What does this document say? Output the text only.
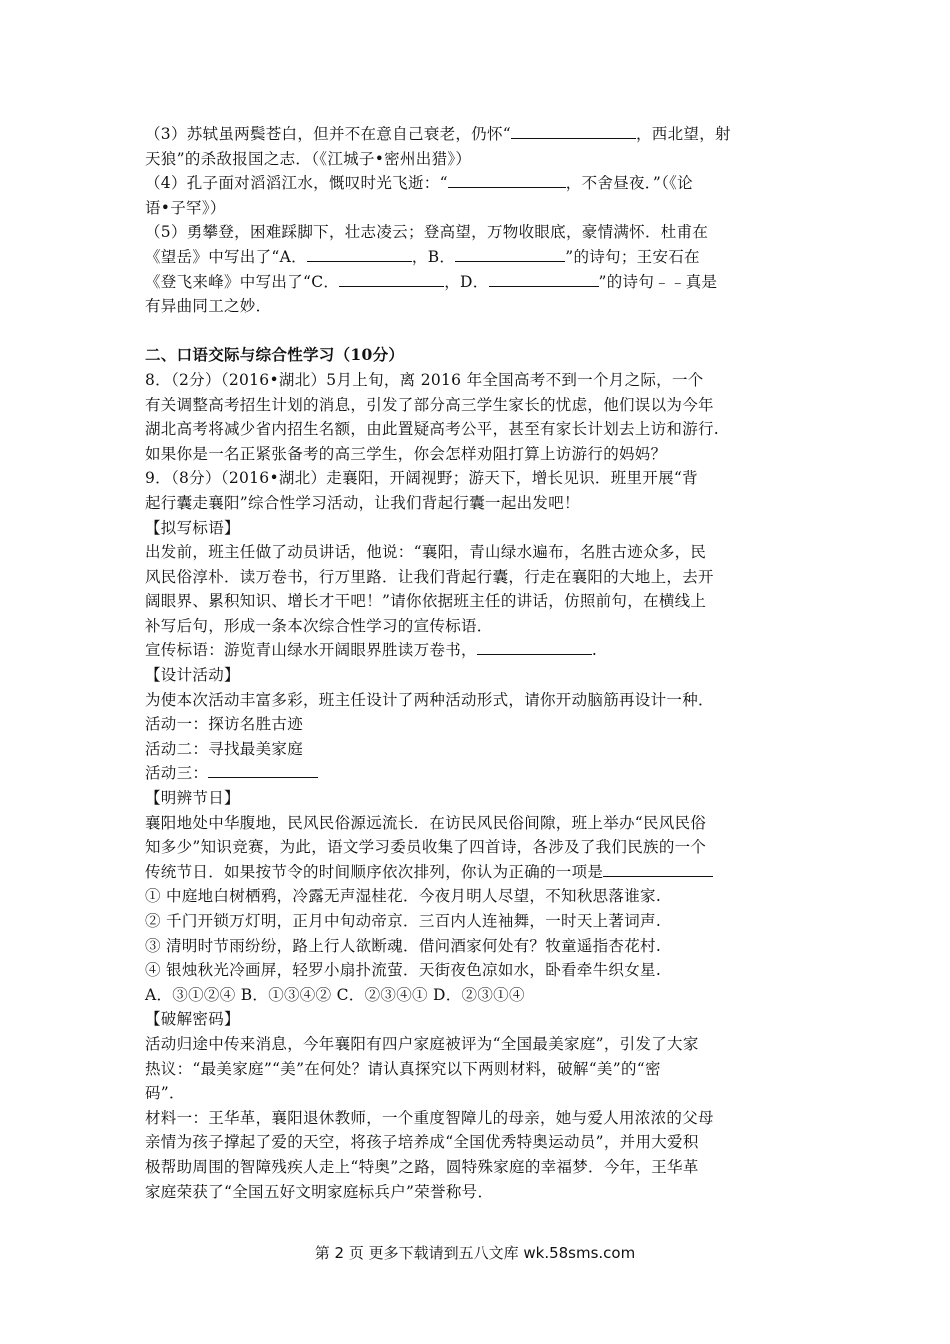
（3）苏轼虽两鬓苍白，但并不在意自己衰老，仍怀“	，西北望，射
天狼”的杀敌报国之志．（《江城子•密州出猎》）
（4）孔子面对滔滔江水，慨叹时光飞逝：“	，不舍昼夜．”（《论
语•子罕》）
（5）勇攀登，困难踩脚下，壮志凌云；登高望，万物收眼底，豪情满怀．杜甫在
《望岳》中写出了“A．	，B．	”的诗句；王安石在
《登飞来峰》中写出了“C．	，D．	”的诗句﹣﹣真是
有异曲同工之妙．
二、口语交际与综合性学习（10分）
8．（2分）（2016•湖北）5月上旬，离 2016 年全国高考不到一个月之际，一个
有关调整高考招生计划的消息，引发了部分高三学生家长的忧虑，他们误以为今年
湖北高考将减少省内招生名额，由此置疑高考公平，甚至有家长计划去上访和游行.
如果你是一名正紧张备考的高三学生，你会怎样劝阻打算上访游行的妈妈？
9．（8分）（2016•湖北）走襄阳，开阔视野；游天下，增长见识．班里开展“背
起行囊走襄阳”综合性学习活动，让我们背起行囊一起出发吧！
【拟写标语】
出发前，班主任做了动员讲话，他说：“襄阳，青山绿水遍布，名胜古迹众多，民
风民俗淳朴．读万卷书，行万里路．让我们背起行囊，行走在襄阳的大地上，去开
阔眼界、累积知识、增长才干吧！”请你依据班主任的讲话，仿照前句，在横线上
补写后句，形成一条本次综合性学习的宣传标语．
宣传标语：游览青山绿水开阔眼界胜读万卷书，	.
【设计活动】
为使本次活动丰富多彩，班主任设计了两种活动形式，请你开动脑筋再设计一种．
活动一：探访名胜古迹
活动二：寻找最美家庭
活动三：
【明辨节日】
襄阳地处中华腹地，民风民俗源远流长．在访民风民俗间隙，班上举办“民风民俗
知多少”知识竞赛，为此，语文学习委员收集了四首诗，各涉及了我们民族的一个
传统节日．如果按节令的时间顺序依次排列，你认为正确的一项是
① 中庭地白树栖鸦，冷露无声湿桂花．今夜月明人尽望，不知秋思落谁家.
② 千门开锁万灯明，正月中旬动帝京．三百内人连袖舞，一时天上著词声.
③ 清明时节雨纷纷，路上行人欲断魂．借问酒家何处有？牧童遥指杏花村.
④ 银烛秋光冷画屏，轻罗小扇扑流萤．天街夜色凉如水，卧看牵牛织女星.
A．③①②④ B．①③④② C．②③④① D．②③①④
【破解密码】
活动归途中传来消息，今年襄阳有四户家庭被评为“全国最美家庭”，引发了大家
热议：“最美家庭”“美”在何处？请认真探究以下两则材料，破解“美”的“密
码”．
材料一：王华革，襄阳退休教师，一个重度智障儿的母亲，她与爱人用浓浓的父母
亲情为孩子撑起了爱的天空，将孩子培养成“全国优秀特奥运动员”，并用大爱积
极帮助周围的智障残疾人走上“特奥”之路，圆特殊家庭的幸福梦．今年，王华革
家庭荣获了“全国五好文明家庭标兵户”荣誉称号．
第 2 页 更多下载请到五八文库 wk.58sms.com
